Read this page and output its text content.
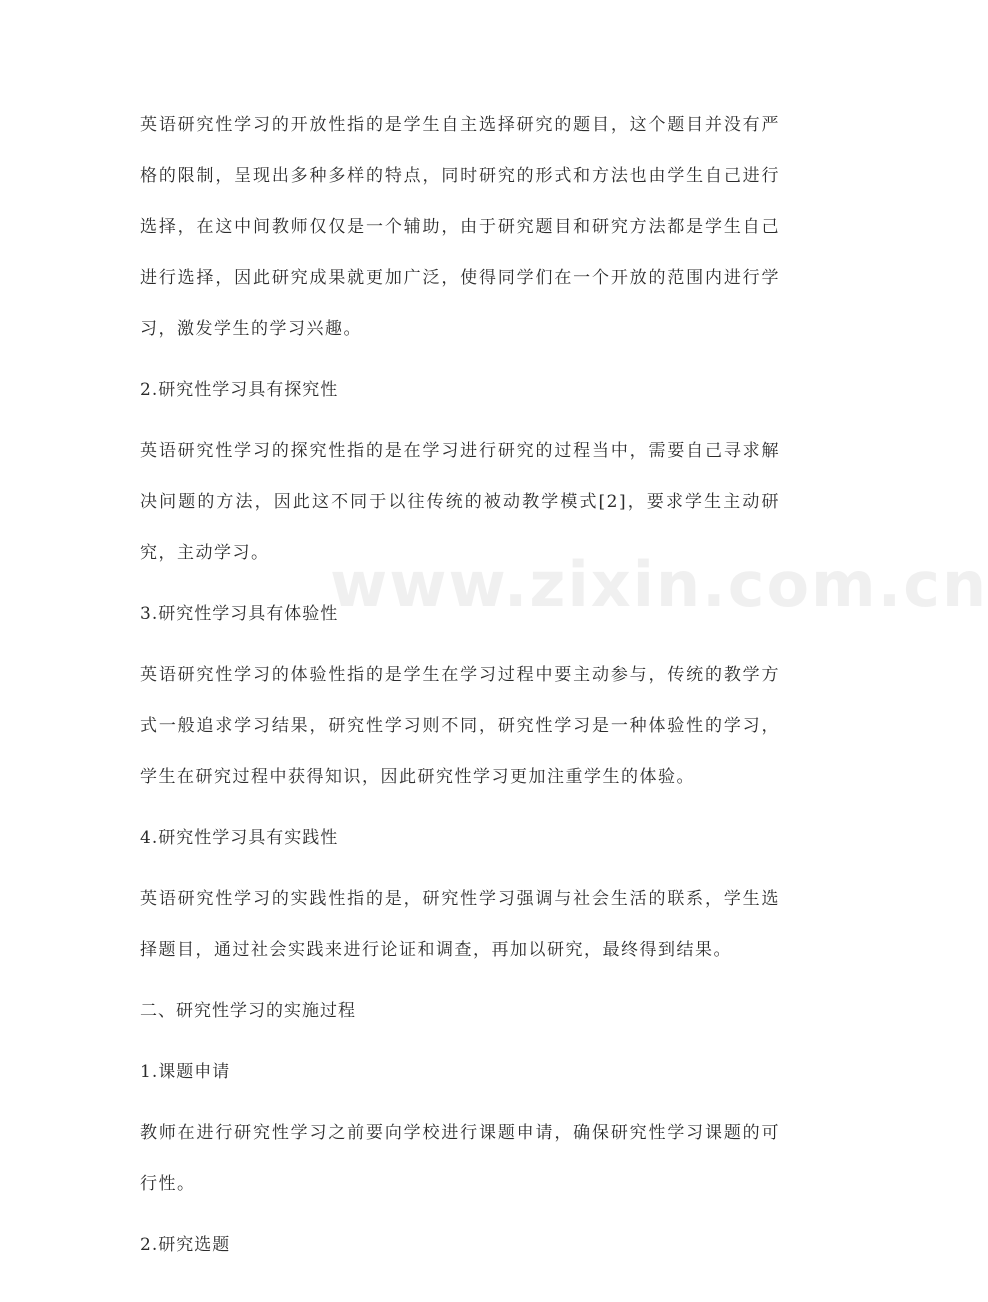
英语研究性学习的开放性指的是学生自主选择研究的题目，这个题目并没有严格的限制，呈现出多种多样的特点，同时研究的形式和方法也由学生自己进行选择，在这中间教师仅仅是一个辅助，由于研究题目和研究方法都是学生自己进行选择，因此研究成果就更加广泛，使得同学们在一个开放的范围内进行学习，激发学生的学习兴趣。

2.研究性学习具有探究性

英语研究性学习的探究性指的是在学习进行研究的过程当中，需要自己寻求解决问题的方法，因此这不同于以往传统的被动教学模式[2]，要求学生主动研究，主动学习。

3.研究性学习具有体验性

英语研究性学习的体验性指的是学生在学习过程中要主动参与，传统的教学方式一般追求学习结果，研究性学习则不同，研究性学习是一种体验性的学习，学生在研究过程中获得知识，因此研究性学习更加注重学生的体验。

4.研究性学习具有实践性

英语研究性学习的实践性指的是，研究性学习强调与社会生活的联系，学生选择题目，通过社会实践来进行论证和调查，再加以研究，最终得到结果。

二、研究性学习的实施过程

1.课题申请

教师在进行研究性学习之前要向学校进行课题申请，确保研究性学习课题的可行性。

2.研究选题

www.zixin.com.cn
